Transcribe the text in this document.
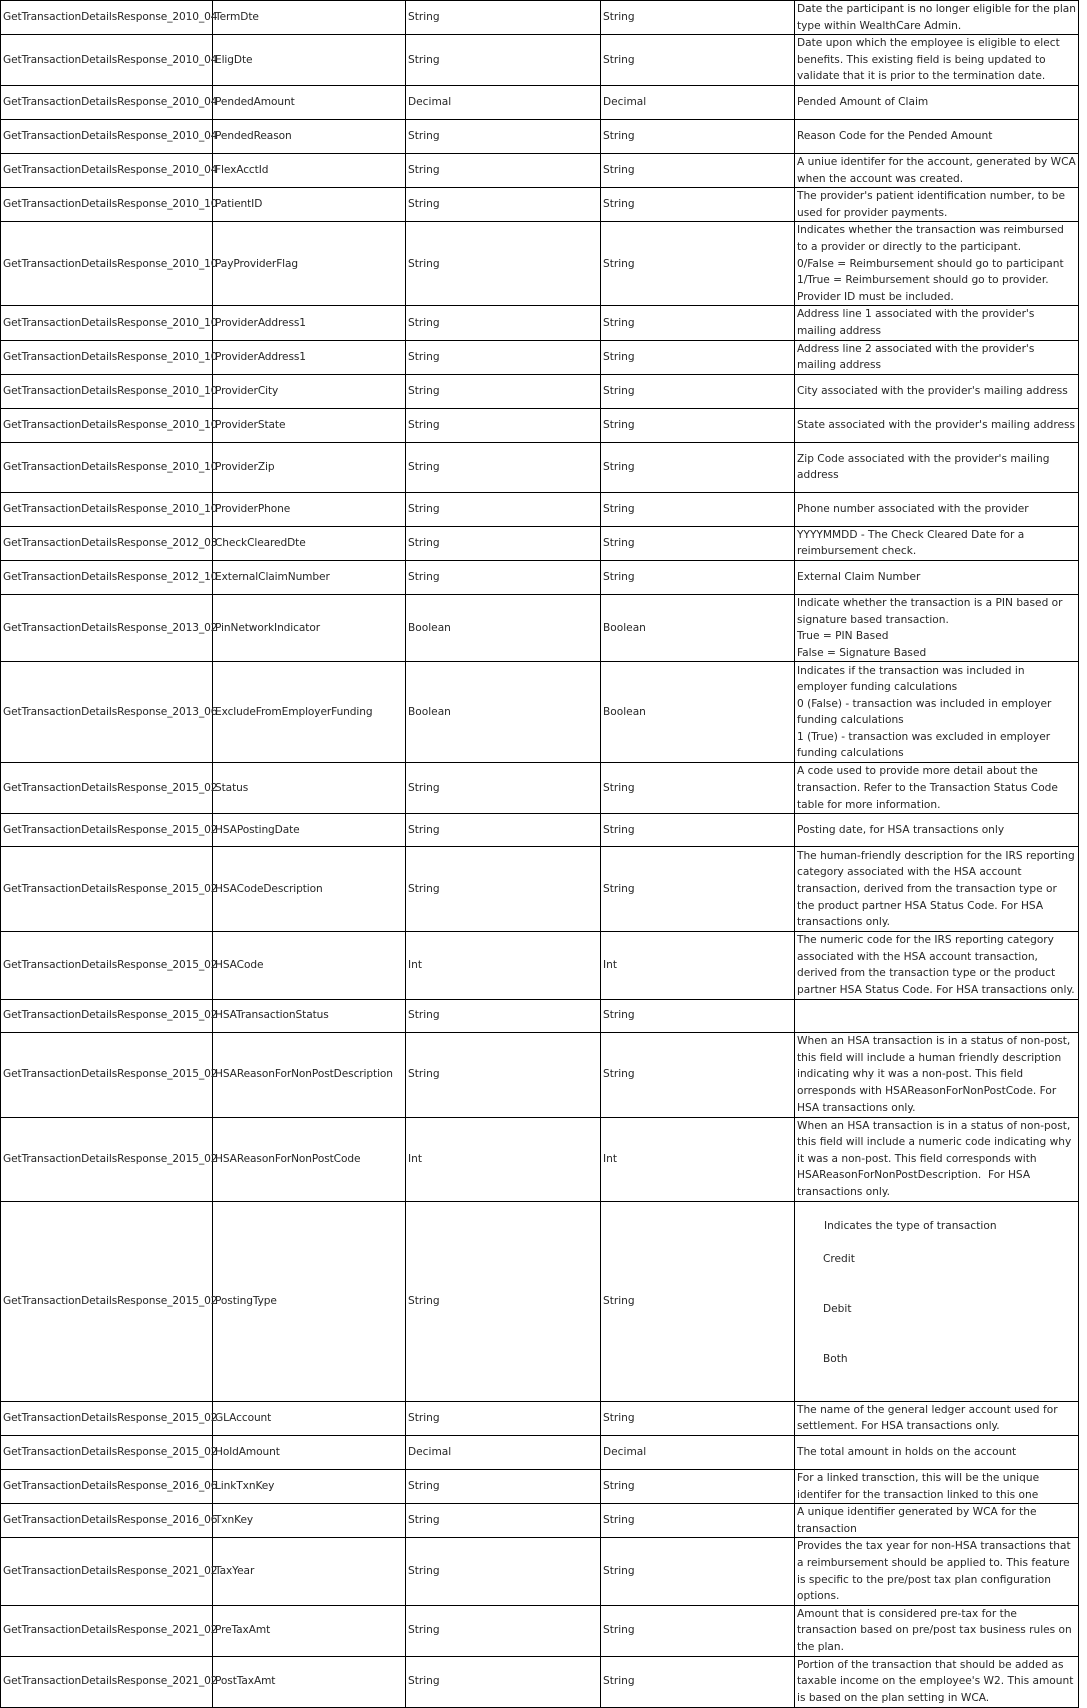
GetTransactionDetailsResponse_2010_04	TermDte	String	String	Date the participant is no longer eligible for the plan type within WealthCare Admin.
GetTransactionDetailsResponse_2010_04	EligDte	String	String	Date upon which the employee is eligible to elect benefits. This existing field is being updated to validate that it is prior to the termination date.
GetTransactionDetailsResponse_2010_04	PendedAmount	Decimal	Decimal	Pended Amount of Claim
GetTransactionDetailsResponse_2010_04	PendedReason	String	String	Reason Code for the Pended Amount
GetTransactionDetailsResponse_2010_04	FlexAcctId	String	String	A uniue identifer for the account, generated by WCA when the account was created.
GetTransactionDetailsResponse_2010_10	PatientID	String	String	The provider's patient identification number, to be used for provider payments.
GetTransactionDetailsResponse_2010_10	PayProviderFlag	String	String	Indicates whether the transaction was reimbursed to a provider or directly to the participant.
0/False = Reimbursement should go to participant
1/True = Reimbursement should go to provider. Provider ID must be included.
GetTransactionDetailsResponse_2010_10	ProviderAddress1	String	String	Address line 1 associated with the provider's mailing address
GetTransactionDetailsResponse_2010_10	ProviderAddress1	String	String	Address line 2 associated with the provider's mailing address
GetTransactionDetailsResponse_2010_10	ProviderCity	String	String	City associated with the provider's mailing address
GetTransactionDetailsResponse_2010_10	ProviderState	String	String	State associated with the provider's mailing address
GetTransactionDetailsResponse_2010_10	ProviderZip	String	String	Zip Code associated with the provider's mailing address
GetTransactionDetailsResponse_2010_10	ProviderPhone	String	String	Phone number associated with the provider
GetTransactionDetailsResponse_2012_03	CheckClearedDte	String	String	YYYYMMDD - The Check Cleared Date for a reimbursement check.
GetTransactionDetailsResponse_2012_10	ExternalClaimNumber	String	String	External Claim Number
GetTransactionDetailsResponse_2013_02	PinNetworkIndicator	Boolean	Boolean	Indicate whether the transaction is a PIN based or signature based transaction.
True = PIN Based
False = Signature Based
GetTransactionDetailsResponse_2013_06	ExcludeFromEmployerFunding	Boolean	Boolean	Indicates if the transaction was included in employer funding calculations
0 (False) - transaction was included in employer funding calculations
1 (True) - transaction was excluded in employer funding calculations
GetTransactionDetailsResponse_2015_02	Status	String	String	A code used to provide more detail about the transaction. Refer to the Transaction Status Code table for more information.
GetTransactionDetailsResponse_2015_02	HSAPostingDate	String	String	Posting date, for HSA transactions only
GetTransactionDetailsResponse_2015_02	HSACodeDescription	String	String	The human-friendly description for the IRS reporting category associated with the HSA account transaction, derived from the transaction type or the product partner HSA Status Code. For HSA transactions only.
GetTransactionDetailsResponse_2015_02	HSACode	Int	Int	The numeric code for the IRS reporting category associated with the HSA account transaction, derived from the transaction type or the product partner HSA Status Code. For HSA transactions only.
GetTransactionDetailsResponse_2015_02	HSATransactionStatus	String	String	
GetTransactionDetailsResponse_2015_02	HSAReasonForNonPostDescription	String	String	When an HSA transaction is in a status of non-post, this field will include a human friendly description indicating why it was a non-post. This field orresponds with HSAReasonForNonPostCode. For HSA transactions only.
GetTransactionDetailsResponse_2015_02	HSAReasonForNonPostCode	Int	Int	When an HSA transaction is in a status of non-post, this field will include a numeric code indicating why it was a non-post. This field corresponds with HSAReasonForNonPostDescription.  For HSA transactions only.
GetTransactionDetailsResponse_2015_02	PostingType	String	String	Indicates the type of transaction

Credit

Debit

Both

GetTransactionDetailsResponse_2015_02	GLAccount	String	String	The name of the general ledger account used for settlement. For HSA transactions only.
GetTransactionDetailsResponse_2015_02	HoldAmount	Decimal	Decimal	The total amount in holds on the account
GetTransactionDetailsResponse_2016_06	LinkTxnKey	String	String	For a linked transction, this will be the unique identifer for the transaction linked to this one
GetTransactionDetailsResponse_2016_06	TxnKey	String	String	A unique identifier generated by WCA for the transaction
GetTransactionDetailsResponse_2021_02	TaxYear	String	String	Provides the tax year for non-HSA transactions that a reimbursement should be applied to. This feature is specific to the pre/post tax plan configuration options.
GetTransactionDetailsResponse_2021_02	PreTaxAmt	String	String	Amount that is considered pre-tax for the transaction based on pre/post tax business rules on the plan.
GetTransactionDetailsResponse_2021_02	PostTaxAmt	String	String	Portion of the transaction that should be added as taxable income on the employee's W2. This amount is based on the plan setting in WCA.
